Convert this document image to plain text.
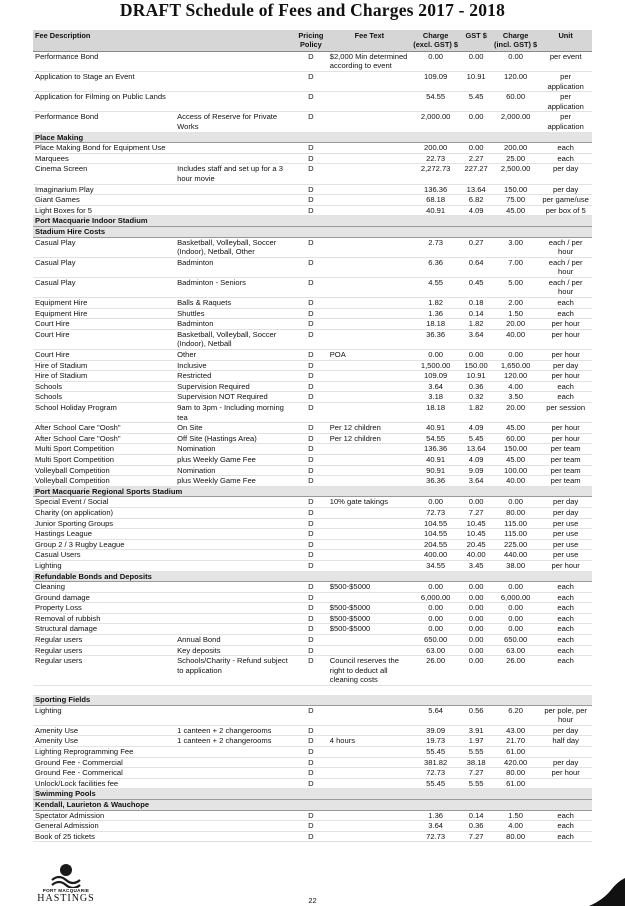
DRAFT Schedule of Fees and Charges 2017 - 2018
Fee Description		Pricing Policy	Fee Text	Charge (excl. GST) $	GST $	Charge (incl. GST) $	Unit
Performance Bond		D	$2,000 Min determined according to event	0.00	0.00	0.00	per event
Application to Stage an Event		D		109.09	10.91	120.00	per application
Application for Filming on Public Lands		D		54.55	5.45	60.00	per application
Performance Bond	Access of Reserve for Private Works	D		2,000.00	0.00	2,000.00	per application
Place Making							
Place Making Bond for Equipment Use		D		200.00	0.00	200.00	each
Marquees		D		22.73	2.27	25.00	each
Cinema Screen	Includes staff and set up for a 3 hour movie	D		2,272.73	227.27	2,500.00	per day
Imaginarium Play		D		136.36	13.64	150.00	per day
Giant Games		D		68.18	6.82	75.00	per game/use
Light Boxes for 5		D		40.91	4.09	45.00	per box of 5
Port Macquarie Indoor Stadium							
Stadium Hire Costs							
Casual Play	Basketball, Volleyball, Soccer (Indoor), Netball, Other	D		2.73	0.27	3.00	each / per hour
Casual Play	Badminton	D		6.36	0.64	7.00	each / per hour
Casual Play	Badminton - Seniors	D		4.55	0.45	5.00	each / per hour
Equipment Hire	Balls & Raquets	D		1.82	0.18	2.00	each
Equipment Hire	Shuttles	D		1.36	0.14	1.50	each
Court Hire	Badminton	D		18.18	1.82	20.00	per hour
Court Hire	Basketball, Volleyball, Soccer (Indoor), Netball	D		36.36	3.64	40.00	per hour
Court Hire	Other	D	POA	0.00	0.00	0.00	per hour
Hire of Stadium	Inclusive	D		1,500.00	150.00	1,650.00	per day
Hire of Stadium	Restricted	D		109.09	10.91	120.00	per hour
Schools	Supervision Required	D		3.64	0.36	4.00	each
Schools	Supervision NOT Required	D		3.18	0.32	3.50	each
School Holiday Program	9am to 3pm - Including morning tea	D		18.18	1.82	20.00	per session
After School Care "Oosh"	On Site	D	Per 12 children	40.91	4.09	45.00	per hour
After School Care "Oosh"	Off Site (Hastings Area)	D	Per 12 children	54.55	5.45	60.00	per hour
Multi Sport Competition	Nomination	D		136.36	13.64	150.00	per team
Multi Sport Competition	plus Weekly Game Fee	D		40.91	4.09	45.00	per team
Volleyball Competition	Nomination	D		90.91	9.09	100.00	per team
Volleyball Competition	plus Weekly Game Fee	D		36.36	3.64	40.00	per team
Port Macquarie Regional Sports Stadium							
Special Event / Social		D	10% gate takings	0.00	0.00	0.00	per day
Charity (on application)		D		72.73	7.27	80.00	per day
Junior Sporting Groups		D		104.55	10.45	115.00	per use
Hastings League		D		104.55	10.45	115.00	per use
Group 2 / 3 Rugby League		D		204.55	20.45	225.00	per use
Casual Users		D		400.00	40.00	440.00	per use
Lighting		D		34.55	3.45	38.00	per hour
Refundable Bonds and Deposits							
Cleaning		D	$500-$5000	0.00	0.00	0.00	each
Ground damage		D		6,000.00	0.00	6,000.00	each
Property Loss		D	$500-$5000	0.00	0.00	0.00	each
Removal of rubbish		D	$500-$5000	0.00	0.00	0.00	each
Structural damage		D	$500-$5000	0.00	0.00	0.00	each
Regular users	Annual Bond	D		650.00	0.00	650.00	each
Regular users	Key deposits	D		63.00	0.00	63.00	each
Regular users	Schools/Charity - Refund subject to application	D	Council reserves the right to deduct all cleaning costs	26.00	0.00	26.00	each

Sporting Fields							
Lighting		D		5.64	0.56	6.20	per pole, per hour
Amenity Use	1 canteen + 2 changerooms	D		39.09	3.91	43.00	per day
Amenity Use	1 canteen + 2 changerooms	D	4 hours	19.73	1.97	21.70	half day
Lighting Reprogramming Fee		D		55.45	5.55	61.00	
Ground Fee - Commercial		D		381.82	38.18	420.00	per day
Ground Fee - Commerical		D		72.73	7.27	80.00	per hour
Unlock/Lock facilities fee		D		55.45	5.55	61.00	
Swimming Pools							
Kendall, Laurieton & Wauchope							
Spectator Admission		D		1.36	0.14	1.50	each
General Admission		D		3.64	0.36	4.00	each
Book of 25 tickets		D		72.73	7.27	80.00	each
PORT MACQUARIE
HASTINGS	22
